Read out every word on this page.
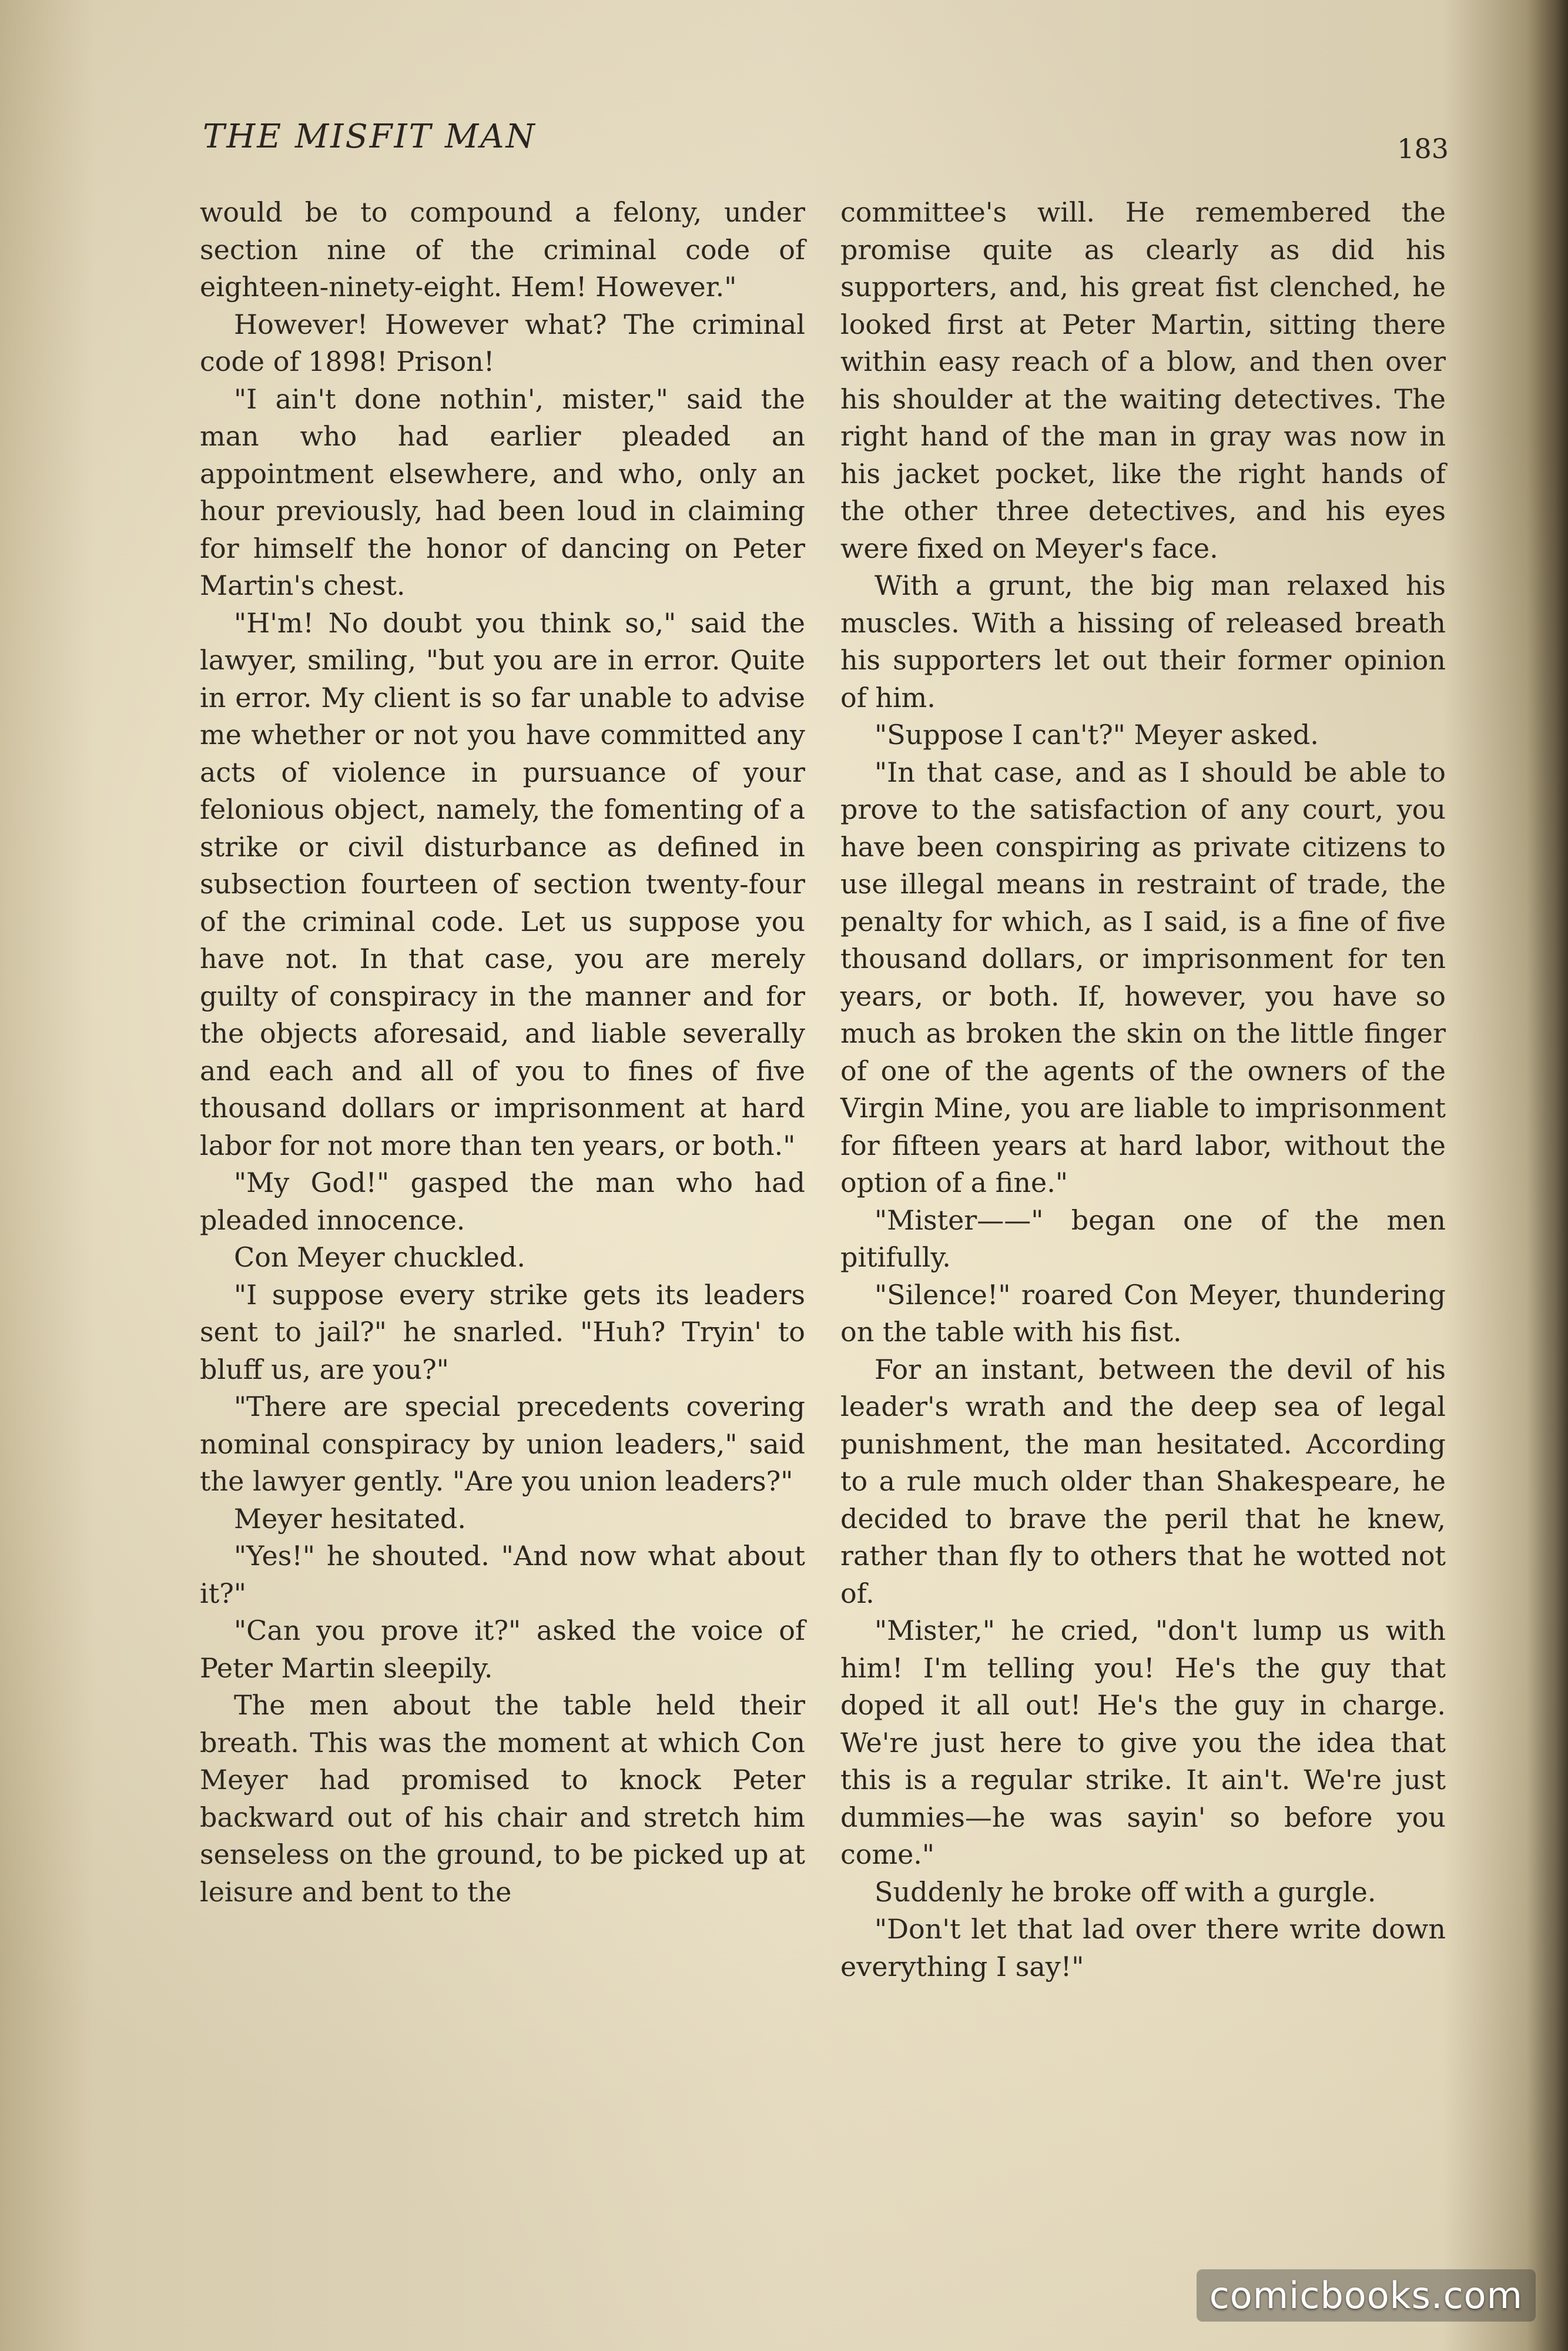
THE MISFIT MAN	183

would be to compound a felony, under section nine of the criminal code of eighteen-ninety-eight. Hem! However."

However! However what? The criminal code of 1898! Prison!

"I ain't done nothin', mister," said the man who had earlier pleaded an appointment elsewhere, and who, only an hour previously, had been loud in claiming for himself the honor of dancing on Peter Martin's chest.

"H'm! No doubt you think so," said the lawyer, smiling, "but you are in error. Quite in error. My client is so far unable to advise me whether or not you have committed any acts of violence in pursuance of your felonious object, namely, the fomenting of a strike or civil disturbance as defined in subsection fourteen of section twenty-four of the criminal code. Let us suppose you have not. In that case, you are merely guilty of conspiracy in the manner and for the objects aforesaid, and liable severally and each and all of you to fines of five thousand dollars or imprisonment at hard labor for not more than ten years, or both."

"My God!" gasped the man who had pleaded innocence.

Con Meyer chuckled.

"I suppose every strike gets its leaders sent to jail?" he snarled. "Huh? Tryin' to bluff us, are you?"

"There are special precedents covering nominal conspiracy by union leaders," said the lawyer gently. "Are you union leaders?"

Meyer hesitated.

"Yes!" he shouted. "And now what about it?"

"Can you prove it?" asked the voice of Peter Martin sleepily.

The men about the table held their breath. This was the moment at which Con Meyer had promised to knock Peter backward out of his chair and stretch him senseless on the ground, to be picked up at leisure and bent to the

committee's will. He remembered the promise quite as clearly as did his supporters, and, his great fist clenched, he looked first at Peter Martin, sitting there within easy reach of a blow, and then over his shoulder at the waiting detectives. The right hand of the man in gray was now in his jacket pocket, like the right hands of the other three detectives, and his eyes were fixed on Meyer's face.

With a grunt, the big man relaxed his muscles. With a hissing of released breath his supporters let out their former opinion of him.

"Suppose I can't?" Meyer asked.

"In that case, and as I should be able to prove to the satisfaction of any court, you have been conspiring as private citizens to use illegal means in restraint of trade, the penalty for which, as I said, is a fine of five thousand dollars, or imprisonment for ten years, or both. If, however, you have so much as broken the skin on the little finger of one of the agents of the owners of the Virgin Mine, you are liable to imprisonment for fifteen years at hard labor, without the option of a fine."

"Mister——" began one of the men pitifully.

"Silence!" roared Con Meyer, thundering on the table with his fist.

For an instant, between the devil of his leader's wrath and the deep sea of legal punishment, the man hesitated. According to a rule much older than Shakespeare, he decided to brave the peril that he knew, rather than fly to others that he wotted not of.

"Mister," he cried, "don't lump us with him! I'm telling you! He's the guy that doped it all out! He's the guy in charge. We're just here to give you the idea that this is a regular strike. It ain't. We're just dummies—he was sayin' so before you come."

Suddenly he broke off with a gurgle.

"Don't let that lad over there write down everything I say!"

comicbooks.com
